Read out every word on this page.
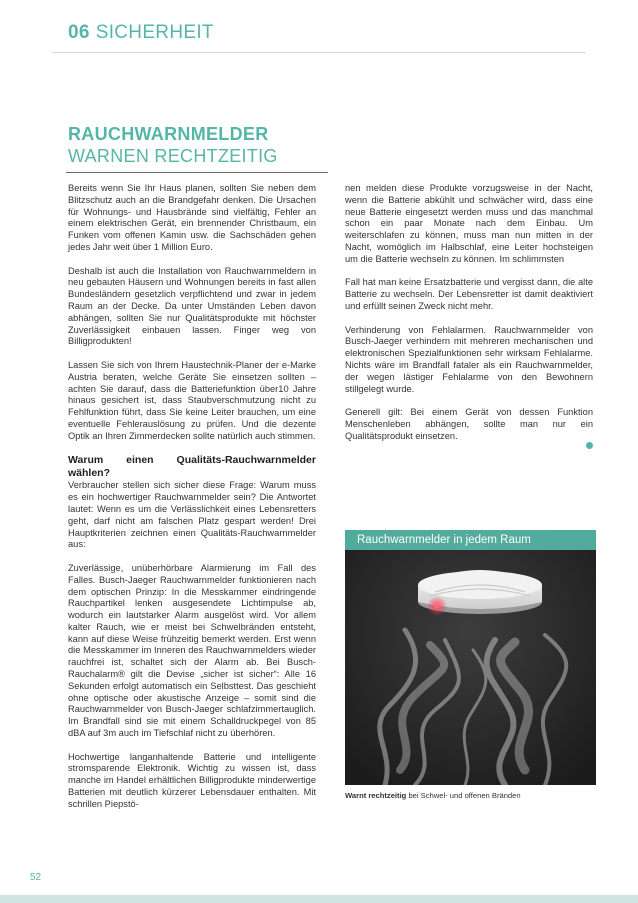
06 SICHERHEIT
RAUCHWARNMELDER
WARNEN RECHTZEITIG

Bereits wenn Sie Ihr Haus planen, sollten Sie neben dem Blitzschutz auch an die Brandgefahr denken. Die Ursachen für Wohnungs- und Hausbrände sind vielfältig, Fehler an einem elektrischen Gerät, ein brennender Christbaum, ein Funken vom offenen Kamin usw. die Sachschäden gehen jedes Jahr weit über 1 Million Euro.

Deshalb ist auch die Installation von Rauchwarnmeldern in neu gebauten Häusern und Wohnungen bereits in fast allen Bundesländern gesetzlich verpflichtend und zwar in jedem Raum an der Decke. Da unter Umständen Leben davon abhängen, sollten Sie nur Qualitätsprodukte mit höchster Zuverlässigkeit einbauen lassen. Finger weg von Billigprodukten!

Lassen Sie sich von Ihrem Haustechnik-Planer der e-Marke Austria beraten, welche Geräte Sie einsetzen sollten – achten Sie darauf, dass die Batteriefunktion über10 Jahre hinaus gesichert ist, dass Staubverschmutzung nicht zu Fehlfunktion führt, dass Sie keine Leiter brauchen, um eine eventuelle Fehlerauslösung zu prüfen. Und die dezente Optik an Ihren Zimmerdecken sollte natürlich auch stimmen.

Warum einen Qualitäts-Rauchwarnmelder wählen?

Verbraucher stellen sich sicher diese Frage: Warum muss es ein hochwertiger Rauchwarnmelder sein? Die Antwortet lautet: Wenn es um die Verlässlichkeit eines Lebensretters geht, darf nicht am falschen Platz gespart werden! Drei Hauptkriterien zeichnen einen Qualitäts-Rauchwarnmelder aus:

Zuverlässige, unüberhörbare Alarmierung im Fall des Falles. Busch-Jaeger Rauchwarnmelder funktionieren nach dem optischen Prinzip: In die Messkammer eindringende Rauchpartikel lenken ausgesendete Lichtimpulse ab, wodurch ein lautstarker Alarm ausgelöst wird. Vor allem kalter Rauch, wie er meist bei Schwelbränden entsteht, kann auf diese Weise frühzeitig bemerkt werden. Erst wenn die Messkammer im Inneren des Rauchwarnmelders wieder rauchfrei ist, schaltet sich der Alarm ab. Bei Busch-Rauchalarm® gilt die Devise „sicher ist sicher“: Alle 16 Sekunden erfolgt automatisch ein Selbsttest. Das geschieht ohne optische oder akustische Anzeige – somit sind die Rauchwarnmelder von Busch-Jaeger schlafzimmertauglich. Im Brandfall sind sie mit einem Schalldruckpegel von 85 dBA auf 3m auch im Tiefschlaf nicht zu überhören.

Hochwertige langanhaltende Batterie und intelligente stromsparende Elektronik. Wichtig zu wissen ist, dass manche im Handel erhältlichen Billigprodukte minderwertige Batterien mit deutlich kürzerer Lebensdauer enthalten. Mit schrillen Piepstö-

nen melden diese Produkte vorzugsweise in der Nacht, wenn die Batterie abkühlt und schwächer wird, dass eine neue Batterie eingesetzt werden muss und das manchmal schon ein paar Monate nach dem Einbau. Um weiterschlafen zu können, muss man nun mitten in der Nacht, womöglich im Halbschlaf, eine Leiter hochsteigen um die Batterie wechseln zu können. Im schlimmsten

Fall hat man keine Ersatzbatterie und vergisst dann, die alte Batterie zu wechseln. Der Lebensretter ist damit deaktiviert und erfüllt seinen Zweck nicht mehr.

Verhinderung von Fehlalarmen. Rauchwarnmelder von Busch-Jaeger verhindern mit mehreren mechanischen und elektronischen Spezialfunktionen sehr wirksam Fehlalarme. Nichts wäre im Brandfall fataler als ein Rauchwarnmelder, der wegen lästiger Fehlalarme von den Bewohnern stillgelegt wurde.

Generell gilt: Bei einem Gerät von dessen Funktion Menschenleben abhängen, sollte man nur ein Qualitätsprodukt einsetzen.

Rauchwarnmelder in jedem Raum
Warnt rechtzeitig bei Schwel- und offenen Bränden
52
